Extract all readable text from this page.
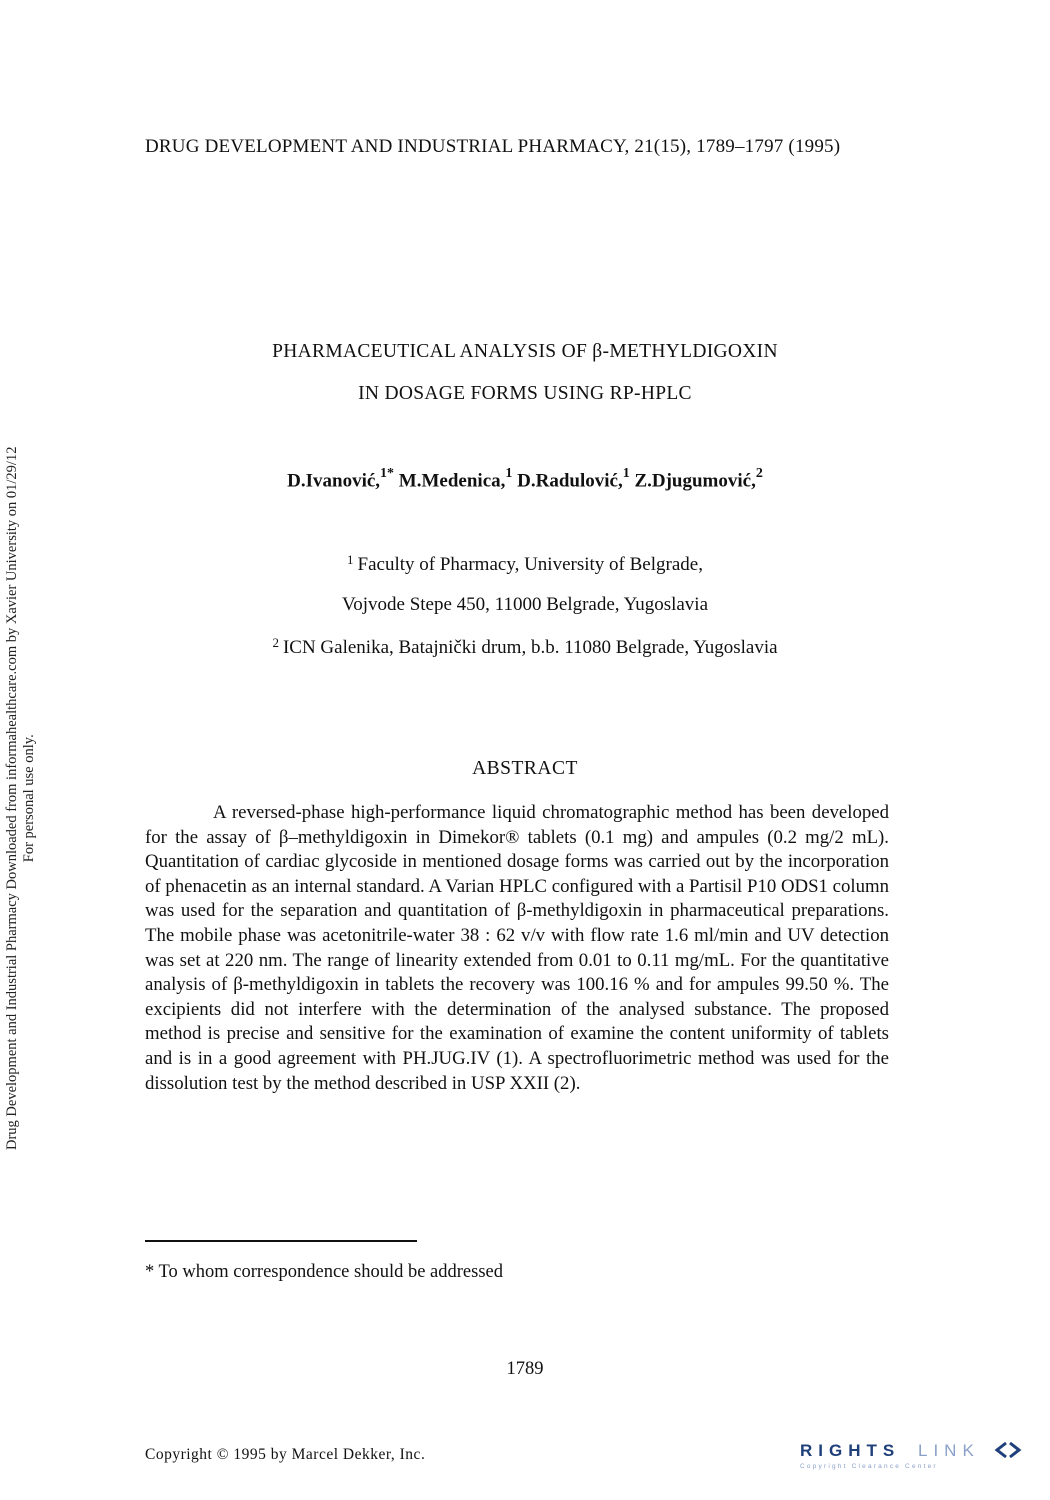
DRUG DEVELOPMENT AND INDUSTRIAL PHARMACY, 21(15), 1789–1797 (1995)
Drug Development and Industrial Pharmacy Downloaded from informahealthcare.com by Xavier University on 01/29/12 For personal use only.
PHARMACEUTICAL ANALYSIS OF β-METHYLDIGOXIN
IN DOSAGE FORMS USING RP-HPLC
D.Ivanović,$^{1*}$ M.Medenica,$^1$ D.Radulović,$^1$ Z.Djugumović,$^2$
$^1$ Faculty of Pharmacy, University of Belgrade,
Vojvode Stepe 450, 11000 Belgrade, Yugoslavia
$^2$ ICN Galenika, Batajnički drum, b.b. 11080 Belgrade, Yugoslavia
ABSTRACT
A reversed-phase high-performance liquid chromatographic method has been developed for the assay of β–methyldigoxin in Dimekor® tablets (0.1 mg) and ampules (0.2 mg/2 mL). Quantitation of cardiac glycoside in mentioned dosage forms was carried out by the incorporation of phenacetin as an internal standard. A Varian HPLC configured with a Partisil P10 ODS1 column was used for the separation and quantitation of β-methyldigoxin in pharmaceutical preparations. The mobile phase was acetonitrile-water 38 : 62 v/v with flow rate 1.6 ml/min and UV detection was set at 220 nm. The range of linearity extended from 0.01 to 0.11 mg/mL. For the quantitative analysis of β-methyldigoxin in tablets the recovery was 100.16 % and for ampules 99.50 %. The excipients did not interfere with the determination of the analysed substance. The proposed method is precise and sensitive for the examination of examine the content uniformity of tablets and is in a good agreement with PH.JUG.IV (1). A spectrofluorimetric method was used for the dissolution test by the method described in USP XXII (2).
* To whom correspondence should be addressed
1789
Copyright © 1995 by Marcel Dekker, Inc.	RIGHTS LINK
Copyright Clearance Center
